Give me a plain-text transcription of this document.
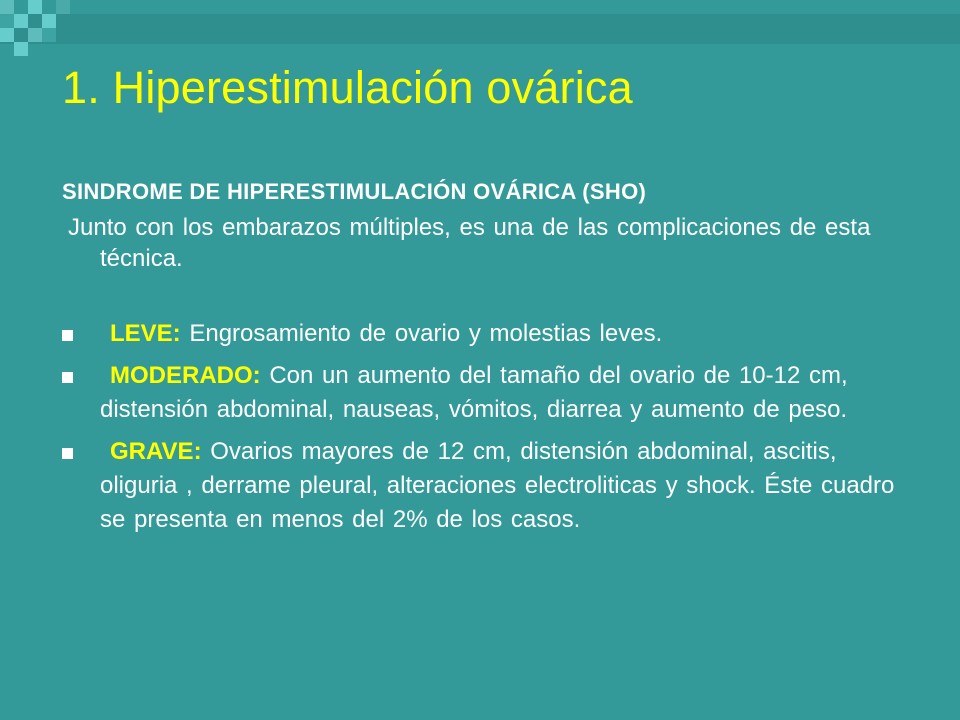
1. Hiperestimulación ovárica

SINDROME DE HIPERESTIMULACIÓN OVÁRICA (SHO)

Junto con los embarazos múltiples, es una de las complicaciones de esta técnica.

LEVE: Engrosamiento de ovario y molestias leves.
MODERADO: Con un aumento del tamaño del ovario de 10-12 cm, distensión abdominal, nauseas, vómitos, diarrea y aumento de peso.
GRAVE: Ovarios mayores de 12 cm, distensión abdominal, ascitis, oliguria , derrame pleural, alteraciones electroliticas y shock. Éste cuadro se presenta en menos del 2% de los casos.
